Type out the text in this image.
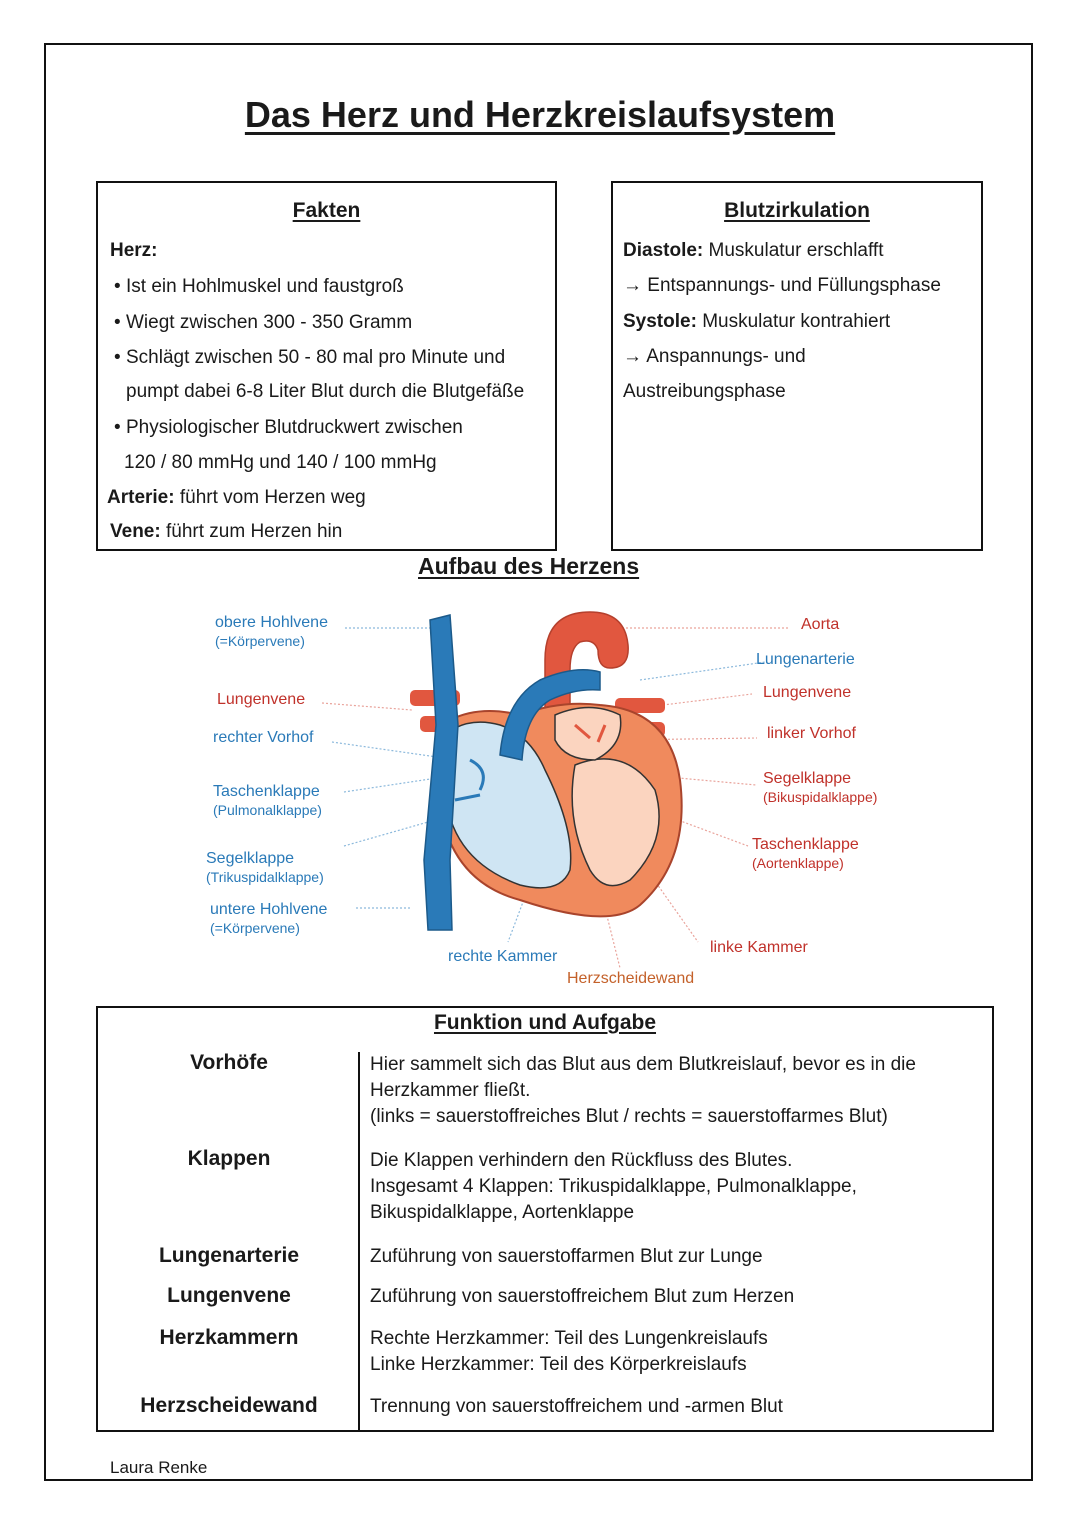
Das Herz und Herzkreislaufsystem
Fakten
Herz:
• Ist ein Hohlmuskel und faustgroß
• Wiegt zwischen 300 - 350 Gramm
• Schlägt zwischen 50 - 80 mal pro Minute und
pumpt dabei 6-8 Liter Blut durch die Blutgefäße
• Physiologischer Blutdruckwert zwischen
120 / 80 mmHg und 140 / 100 mmHg
Arterie: führt vom Herzen weg
Vene: führt zum Herzen hin
Blutzirkulation
Diastole: Muskulatur erschlafft
→ Entspannungs- und Füllungsphase
Systole: Muskulatur kontrahiert
→ Anspannungs- und
Austreibungsphase
Aufbau des Herzens
obere Hohlvene
(=Körpervene)
Lungenvene
rechter Vorhof
Taschenklappe
(Pulmonalklappe)
Segelklappe
(Trikuspidalklappe)
untere Hohlvene
(=Körpervene)
rechte Kammer
Herzscheidewand
linke Kammer
Aorta
Lungenarterie
Lungenvene
linker Vorhof
Segelklappe
(Bikuspidalklappe)
Taschenklappe
(Aortenklappe)
Funktion und Aufgabe
Vorhöfe	Hier sammelt sich das Blut aus dem Blutkreislauf, bevor es in die
Herzkammer fließt.
(links = sauerstoffreiches Blut / rechts = sauerstoffarmes Blut)
Klappen	Die Klappen verhindern den Rückfluss des Blutes.
Insgesamt 4 Klappen: Trikuspidalklappe, Pulmonalklappe,
Bikuspidalklappe, Aortenklappe
Lungenarterie	Zuführung von sauerstoffarmen Blut zur Lunge
Lungenvene	Zuführung von sauerstoffreichem Blut zum Herzen
Herzkammern	Rechte Herzkammer: Teil des Lungenkreislaufs
Linke Herzkammer: Teil des Körperkreislaufs
Herzscheidewand	Trennung von sauerstoffreichem und -armen Blut
Laura Renke
